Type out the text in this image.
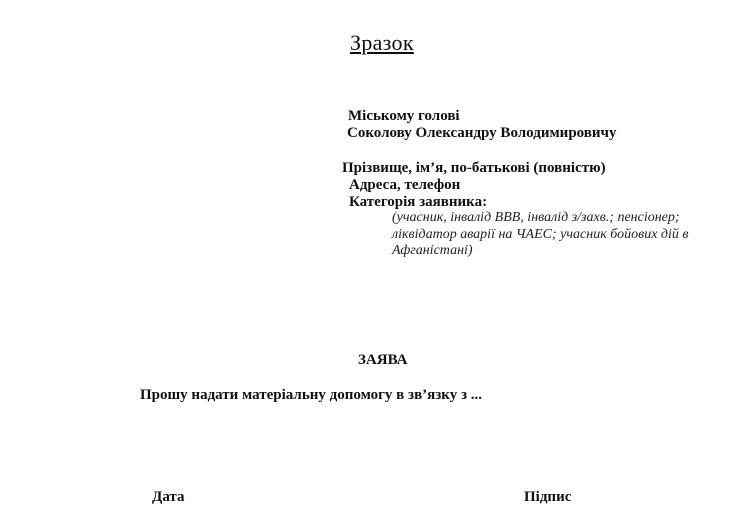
Зразок
Міському голові
Соколову Олександру Володимировичу
Прізвище, ім’я, по-батькові (повністю)
Адреса, телефон
Категорія заявника:
(учасник, інвалід ВВВ, інвалід з/захв.; пенсіонер;
ліквідатор аварії на ЧАЕС; учасник бойових дій в
Афганістані)
ЗАЯВА
Прошу надати матеріальну допомогу в зв’язку з ...
Дата	Підпис
